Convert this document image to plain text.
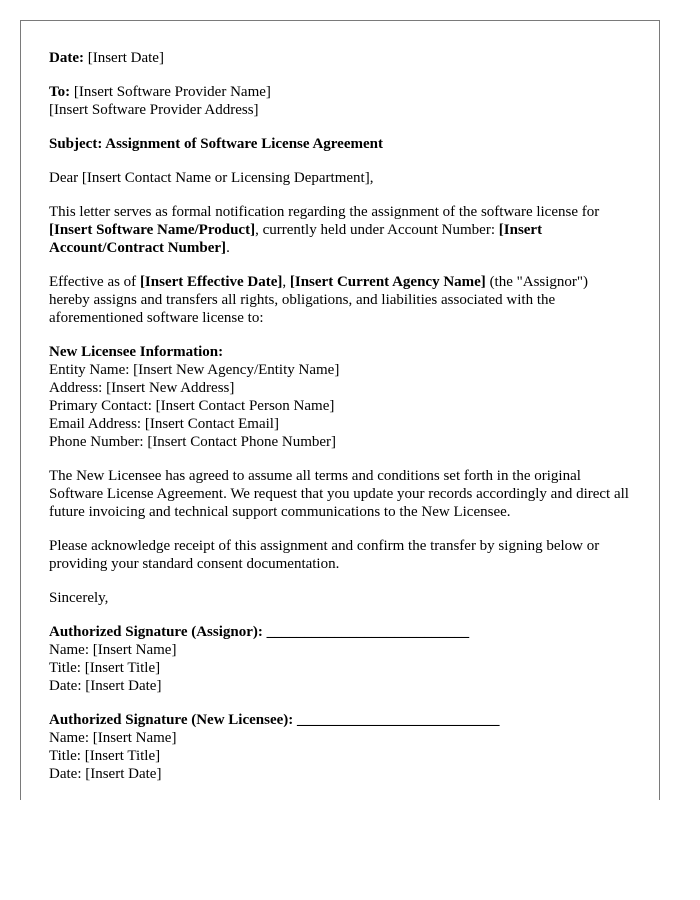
Date: [Insert Date]

To: [Insert Software Provider Name]
[Insert Software Provider Address]

Subject: Assignment of Software License Agreement

Dear [Insert Contact Name or Licensing Department],

This letter serves as formal notification regarding the assignment of the software license for [Insert Software Name/Product], currently held under Account Number: [Insert Account/Contract Number].

Effective as of [Insert Effective Date], [Insert Current Agency Name] (the "Assignor") hereby assigns and transfers all rights, obligations, and liabilities associated with the aforementioned software license to:

New Licensee Information:
Entity Name: [Insert New Agency/Entity Name]
Address: [Insert New Address]
Primary Contact: [Insert Contact Person Name]
Email Address: [Insert Contact Email]
Phone Number: [Insert Contact Phone Number]

The New Licensee has agreed to assume all terms and conditions set forth in the original Software License Agreement. We request that you update your records accordingly and direct all future invoicing and technical support communications to the New Licensee.

Please acknowledge receipt of this assignment and confirm the transfer by signing below or providing your standard consent documentation.

Sincerely,

Authorized Signature (Assignor): ___________________________
Name: [Insert Name]
Title: [Insert Title]
Date: [Insert Date]

Authorized Signature (New Licensee): ___________________________
Name: [Insert Name]
Title: [Insert Title]
Date: [Insert Date]
